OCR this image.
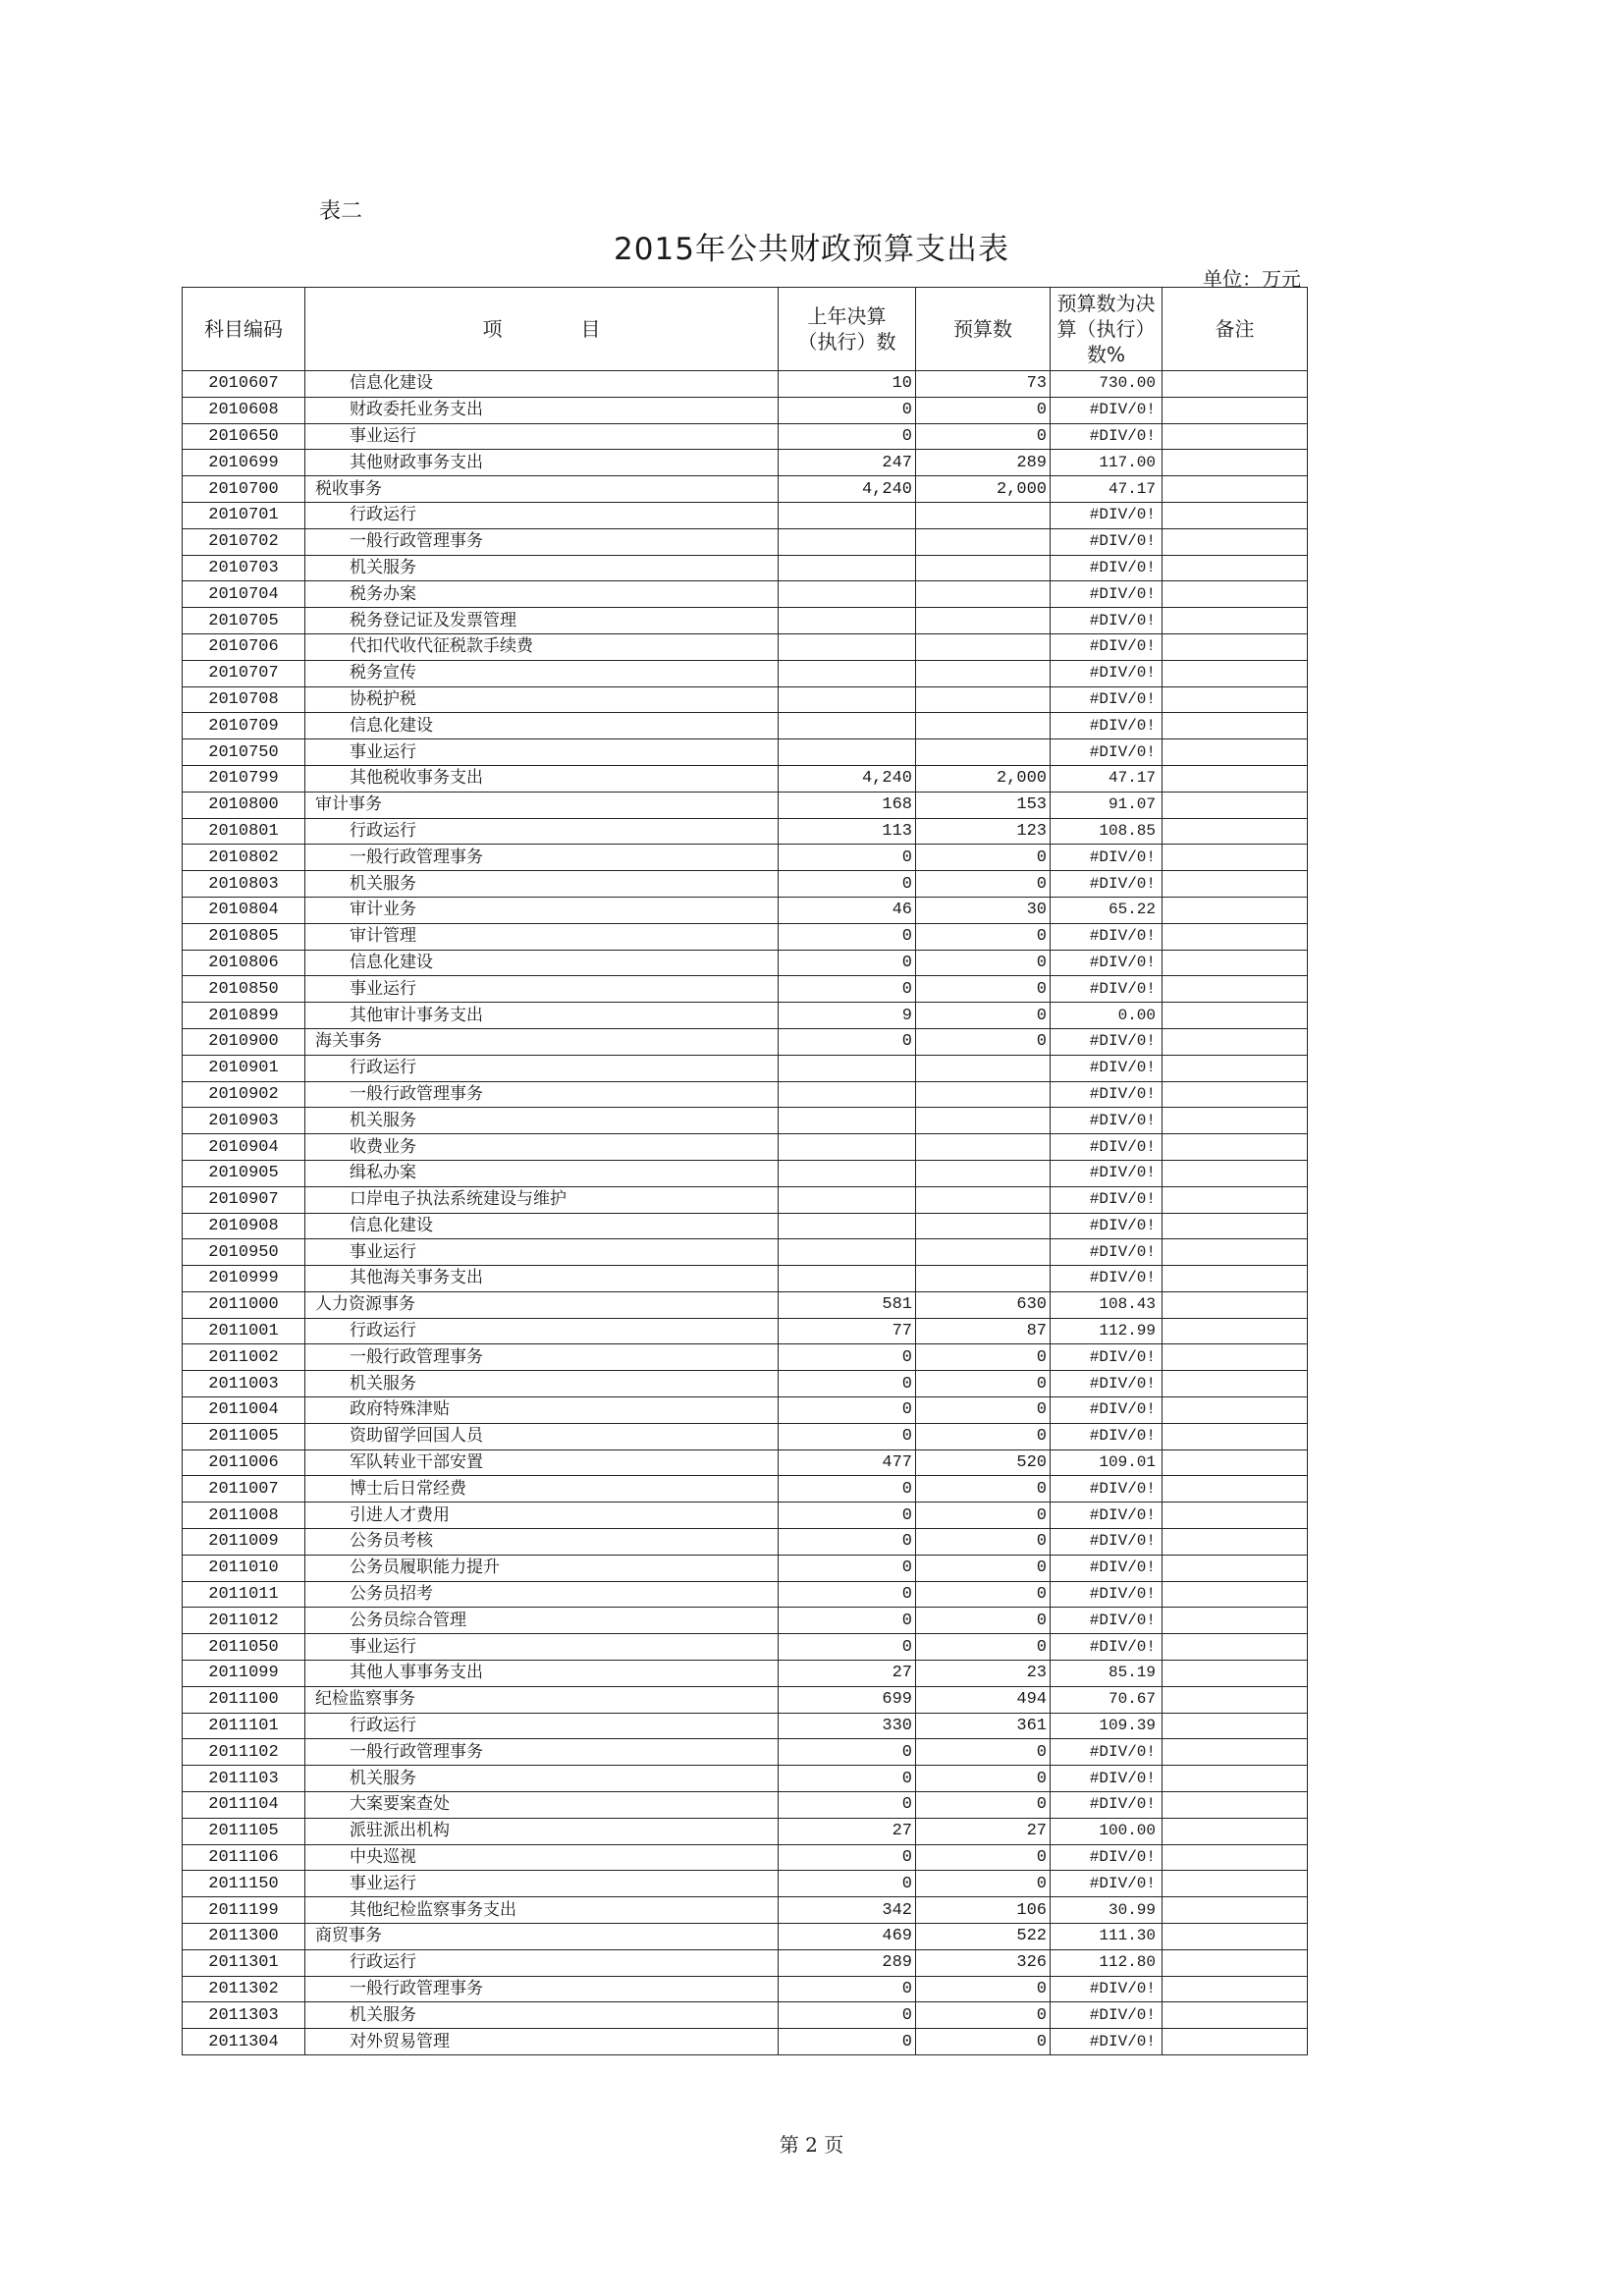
表二
2015年公共财政预算支出表
单位：万元
科目编码	项　　　　目	上年决算（执行）数	预算数	预算数为决算（执行）数%	备注
2010607	信息化建设	10	73	730.00	
2010608	财政委托业务支出	0	0	#DIV/0!	
2010650	事业运行	0	0	#DIV/0!	
2010699	其他财政事务支出	247	289	117.00	
2010700	税收事务	4,240	2,000	47.17	
2010701	行政运行			#DIV/0!	
2010702	一般行政管理事务			#DIV/0!	
2010703	机关服务			#DIV/0!	
2010704	税务办案			#DIV/0!	
2010705	税务登记证及发票管理			#DIV/0!	
2010706	代扣代收代征税款手续费			#DIV/0!	
2010707	税务宣传			#DIV/0!	
2010708	协税护税			#DIV/0!	
2010709	信息化建设			#DIV/0!	
2010750	事业运行			#DIV/0!	
2010799	其他税收事务支出	4,240	2,000	47.17	
2010800	审计事务	168	153	91.07	
2010801	行政运行	113	123	108.85	
2010802	一般行政管理事务	0	0	#DIV/0!	
2010803	机关服务	0	0	#DIV/0!	
2010804	审计业务	46	30	65.22	
2010805	审计管理	0	0	#DIV/0!	
2010806	信息化建设	0	0	#DIV/0!	
2010850	事业运行	0	0	#DIV/0!	
2010899	其他审计事务支出	9	0	0.00	
2010900	海关事务	0	0	#DIV/0!	
2010901	行政运行			#DIV/0!	
2010902	一般行政管理事务			#DIV/0!	
2010903	机关服务			#DIV/0!	
2010904	收费业务			#DIV/0!	
2010905	缉私办案			#DIV/0!	
2010907	口岸电子执法系统建设与维护			#DIV/0!	
2010908	信息化建设			#DIV/0!	
2010950	事业运行			#DIV/0!	
2010999	其他海关事务支出			#DIV/0!	
2011000	人力资源事务	581	630	108.43	
2011001	行政运行	77	87	112.99	
2011002	一般行政管理事务	0	0	#DIV/0!	
2011003	机关服务	0	0	#DIV/0!	
2011004	政府特殊津贴	0	0	#DIV/0!	
2011005	资助留学回国人员	0	0	#DIV/0!	
2011006	军队转业干部安置	477	520	109.01	
2011007	博士后日常经费	0	0	#DIV/0!	
2011008	引进人才费用	0	0	#DIV/0!	
2011009	公务员考核	0	0	#DIV/0!	
2011010	公务员履职能力提升	0	0	#DIV/0!	
2011011	公务员招考	0	0	#DIV/0!	
2011012	公务员综合管理	0	0	#DIV/0!	
2011050	事业运行	0	0	#DIV/0!	
2011099	其他人事事务支出	27	23	85.19	
2011100	纪检监察事务	699	494	70.67	
2011101	行政运行	330	361	109.39	
2011102	一般行政管理事务	0	0	#DIV/0!	
2011103	机关服务	0	0	#DIV/0!	
2011104	大案要案查处	0	0	#DIV/0!	
2011105	派驻派出机构	27	27	100.00	
2011106	中央巡视	0	0	#DIV/0!	
2011150	事业运行	0	0	#DIV/0!	
2011199	其他纪检监察事务支出	342	106	30.99	
2011300	商贸事务	469	522	111.30	
2011301	行政运行	289	326	112.80	
2011302	一般行政管理事务	0	0	#DIV/0!	
2011303	机关服务	0	0	#DIV/0!	
2011304	对外贸易管理	0	0	#DIV/0!	
第 2 页
